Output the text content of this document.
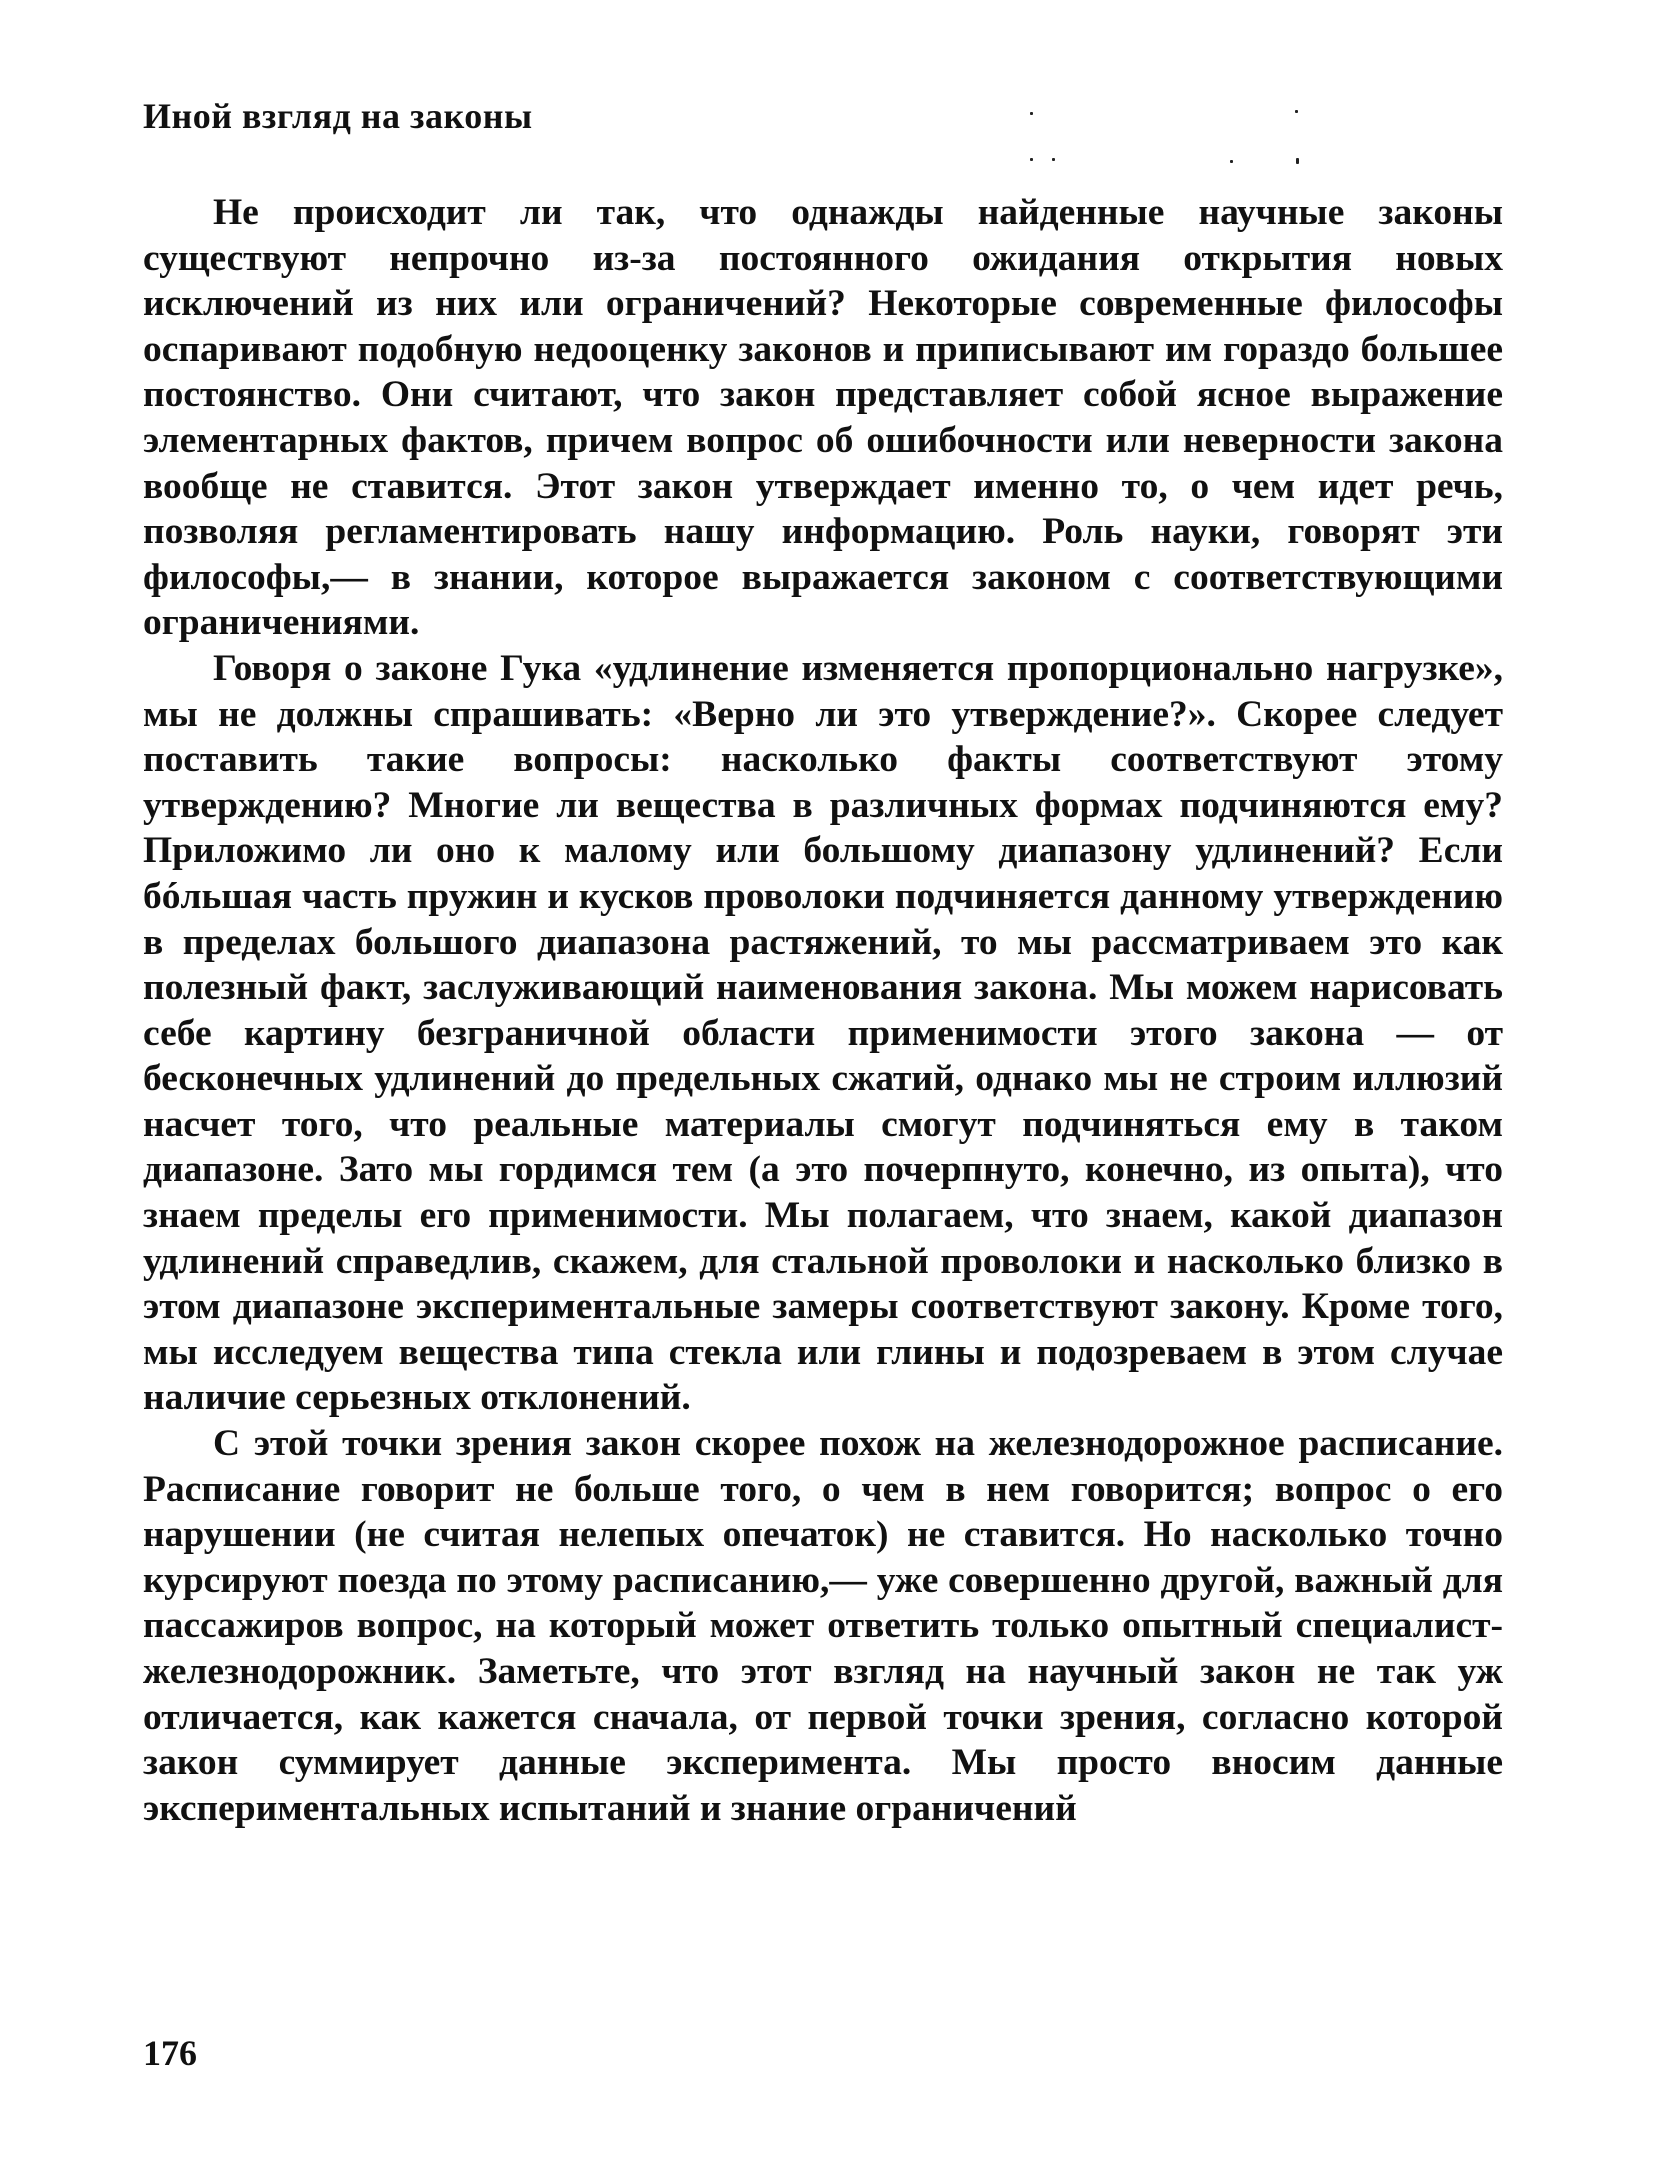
Иной взгляд на законы

Не происходит ли так, что однажды найденные научные законы существуют непрочно из-за постоянного ожидания открытия новых исключений из них или ограничений? Некоторые современные философы оспаривают подобную недооценку законов и приписывают им гораздо большее постоянство. Они считают, что закон представляет собой ясное выражение элементарных фактов, причем вопрос об ошибочности или неверности закона вообще не ставится. Этот закон утверждает именно то, о чем идет речь, позволяя регламентировать нашу информацию. Роль науки, говорят эти философы,— в знании, которое выражается законом с соответствующими ограничениями.

Говоря о законе Гука «удлинение изменяется пропорционально нагрузке», мы не должны спрашивать: «Верно ли это утверждение?». Скорее следует поставить такие вопросы: насколько факты соответствуют этому утверждению? Многие ли вещества в различных формах подчиняются ему? Приложимо ли оно к малому или большому диапазону удлинений? Если бóльшая часть пружин и кусков проволоки подчиняется данному утверждению в пределах большого диапазона растяжений, то мы рассматриваем это как полезный факт, заслуживающий наименования закона. Мы можем нарисовать себе картину безграничной области применимости этого закона — от бесконечных удлинений до предельных сжатий, однако мы не строим иллюзий насчет того, что реальные материалы смогут подчиняться ему в таком диапазоне. Зато мы гордимся тем (а это почерпнуто, конечно, из опыта), что знаем пределы его применимости. Мы полагаем, что знаем, какой диапазон удлинений справедлив, скажем, для стальной проволоки и насколько близко в этом диапазоне экспериментальные замеры соответствуют закону. Кроме того, мы исследуем вещества типа стекла или глины и подозреваем в этом случае наличие серьезных отклонений.

С этой точки зрения закон скорее похож на железнодорожное расписание. Расписание говорит не больше того, о чем в нем говорится; вопрос о его нарушении (не считая нелепых опечаток) не ставится. Но насколько точно курсируют поезда по этому расписанию,— уже совершенно другой, важный для пассажиров вопрос, на который может ответить только опытный специалист-железнодорожник. Заметьте, что этот взгляд на научный закон не так уж отличается, как кажется сначала, от первой точки зрения, согласно которой закон суммирует данные эксперимента. Мы просто вносим данные экспериментальных испытаний и знание ограничений

176
